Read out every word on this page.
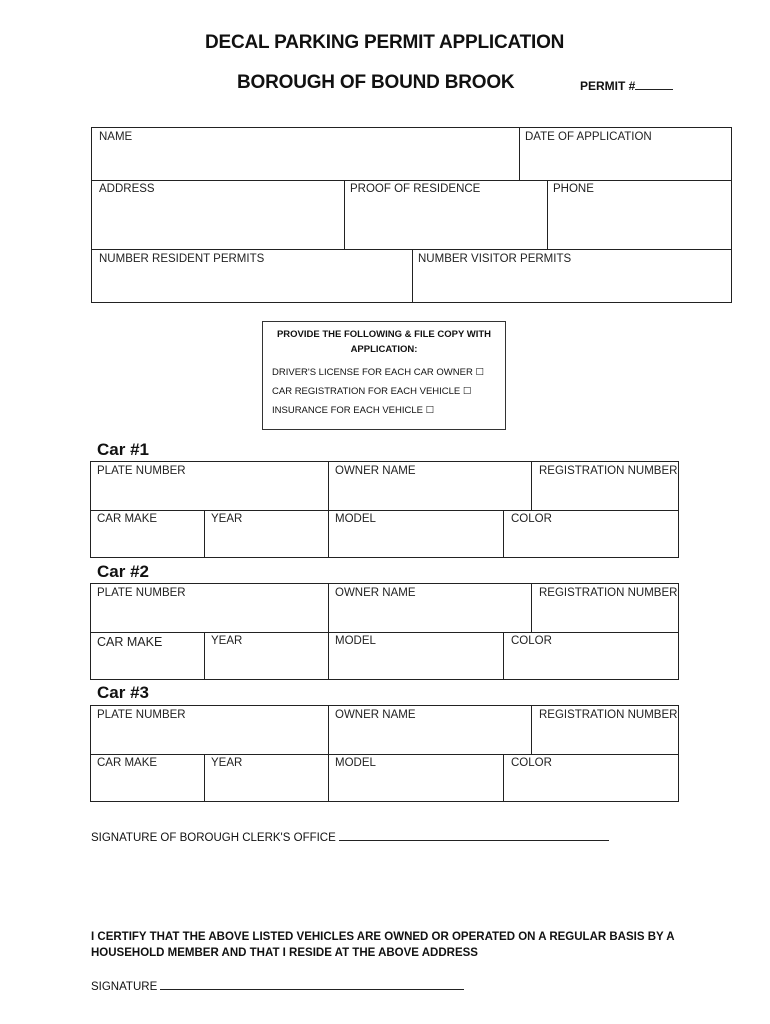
DECAL PARKING PERMIT APPLICATION
BOROUGH OF BOUND BROOK	PERMIT #
NAME	DATE OF APPLICATION
ADDRESS	PROOF OF RESIDENCE	PHONE
NUMBER RESIDENT PERMITS	NUMBER VISITOR PERMITS
PROVIDE THE FOLLOWING & FILE COPY WITH APPLICATION:
DRIVER'S LICENSE FOR EACH CAR OWNER ☐
CAR REGISTRATION FOR EACH VEHICLE ☐
INSURANCE FOR EACH VEHICLE ☐
Car #1
PLATE NUMBER	OWNER NAME	REGISTRATION NUMBER
CAR MAKE	YEAR	MODEL	COLOR
Car #2
PLATE NUMBER	OWNER NAME	REGISTRATION NUMBER
CAR MAKE	YEAR	MODEL	COLOR
Car #3
PLATE NUMBER	OWNER NAME	REGISTRATION NUMBER
CAR MAKE	YEAR	MODEL	COLOR
SIGNATURE OF BOROUGH CLERK'S OFFICE
I CERTIFY THAT THE ABOVE LISTED VEHICLES ARE OWNED OR OPERATED ON A REGULAR BASIS BY A HOUSEHOLD MEMBER AND THAT I RESIDE AT THE ABOVE ADDRESS
SIGNATURE
